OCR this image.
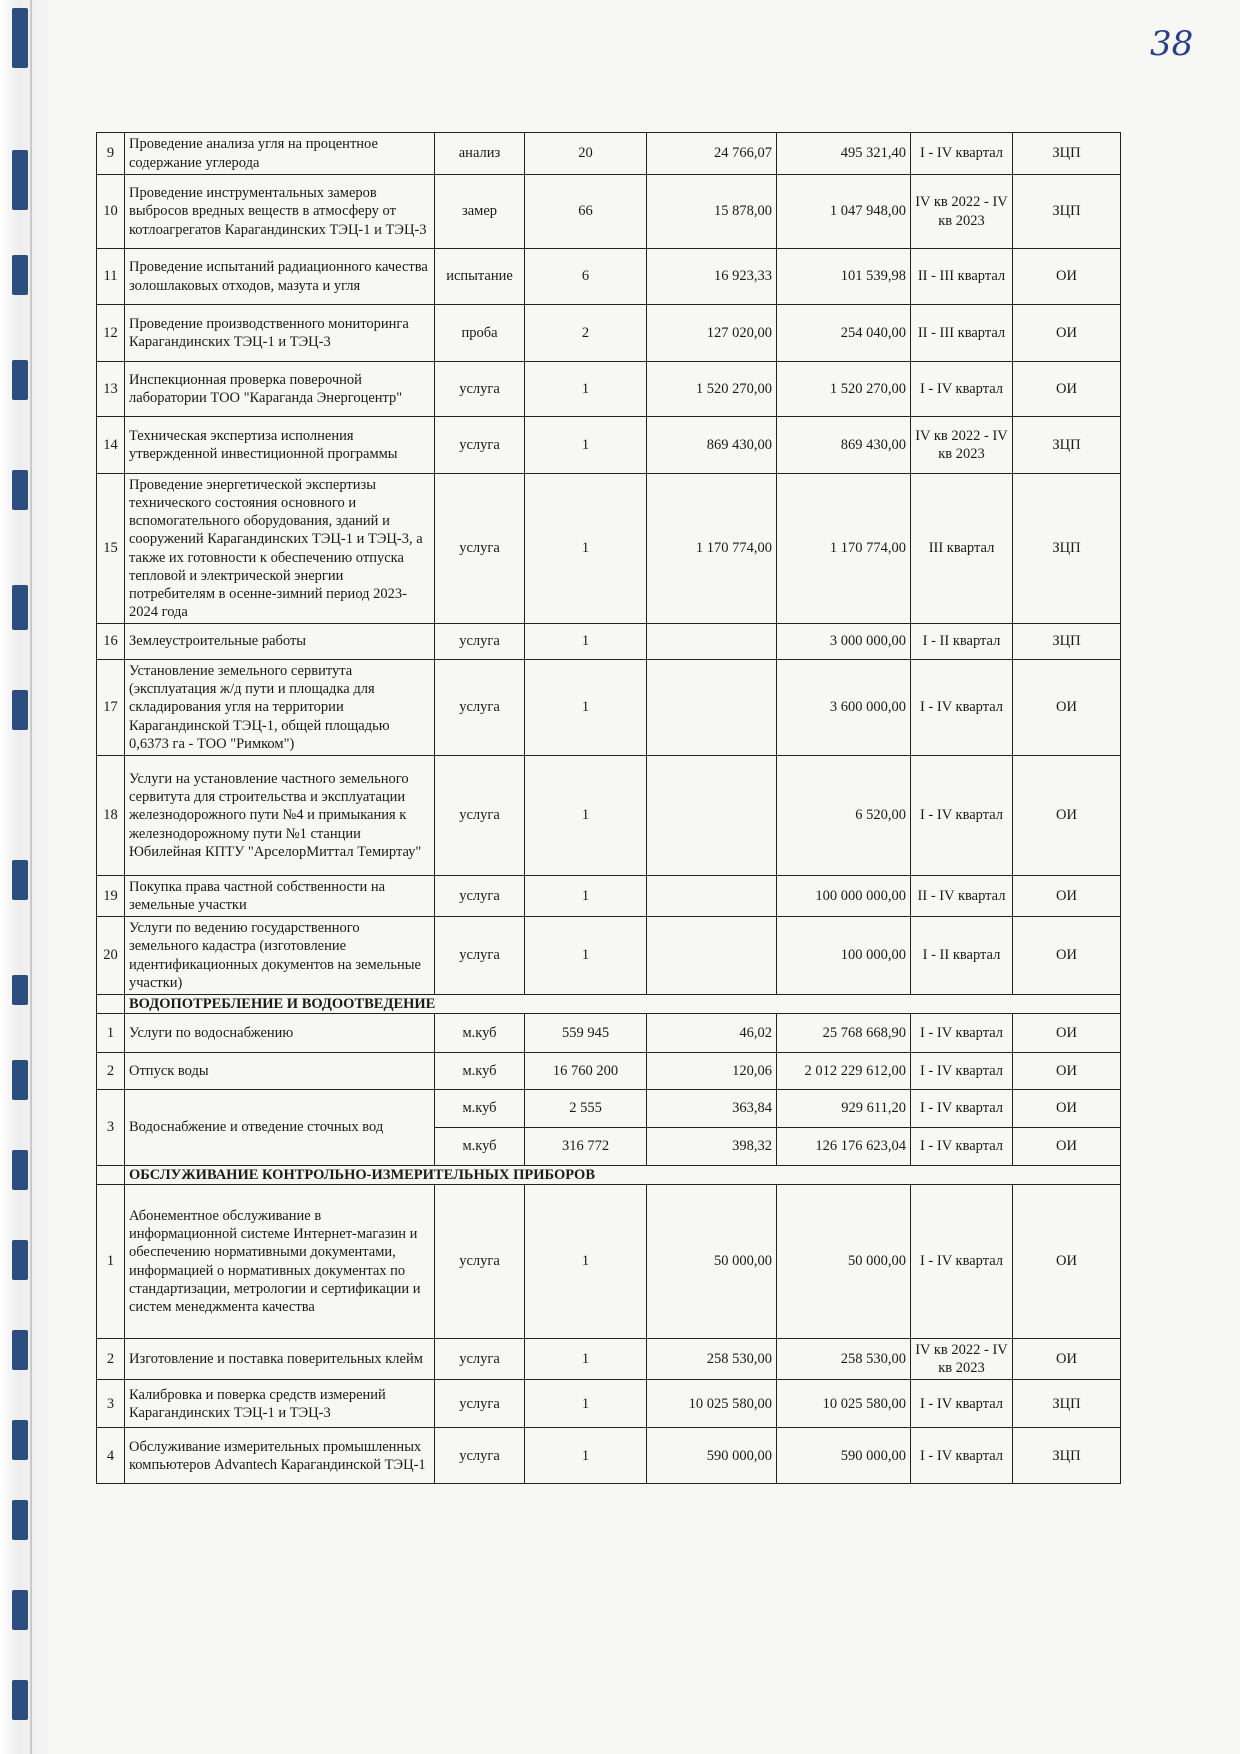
38
9	Проведение анализа угля на процентное содержание углерода	анализ	20	24 766,07	495 321,40	I - IV квартал	ЗЦП
10	Проведение инструментальных замеров выбросов вредных веществ в атмосферу от котлоагрегатов Карагандинских ТЭЦ-1 и ТЭЦ-3	замер	66	15 878,00	1 047 948,00	IV кв 2022 - IV кв 2023	ЗЦП
11	Проведение испытаний радиационного качества золошлаковых отходов, мазута и угля	испытание	6	16 923,33	101 539,98	II - III квартал	ОИ
12	Проведение производственного мониторинга Карагандинских ТЭЦ-1 и ТЭЦ-3	проба	2	127 020,00	254 040,00	II - III квартал	ОИ
13	Инспекционная проверка поверочной лаборатории ТОО "Караганда Энергоцентр"	услуга	1	1 520 270,00	1 520 270,00	I - IV квартал	ОИ
14	Техническая экспертиза исполнения утвержденной инвестиционной программы	услуга	1	869 430,00	869 430,00	IV кв 2022 - IV кв 2023	ЗЦП
15	Проведение энергетической экспертизы технического состояния основного и вспомогательного оборудования, зданий и сооружений Карагандинских ТЭЦ-1 и ТЭЦ-3, а также их готовности к обеспечению отпуска тепловой и электрической энергии потребителям в осенне-зимний период 2023-2024 года	услуга	1	1 170 774,00	1 170 774,00	III квартал	ЗЦП
16	Землеустроительные работы	услуга	1		3 000 000,00	I - II квартал	ЗЦП
17	Установление земельного сервитута (эксплуатация ж/д пути и площадка для складирования угля на территории Карагандинской ТЭЦ-1, общей площадью 0,6373 га - ТОО "Римком")	услуга	1		3 600 000,00	I - IV квартал	ОИ
18	Услуги на установление частного земельного сервитута для строительства и эксплуатации железнодорожного пути №4 и примыкания к железнодорожному пути №1 станции Юбилейная КПТУ "АрселорМиттал Темиртау"	услуга	1		6 520,00	I - IV квартал	ОИ
19	Покупка права частной собственности на земельные участки	услуга	1		100 000 000,00	II - IV квартал	ОИ
20	Услуги по ведению государственного земельного кадастра (изготовление идентификационных документов на земельные участки)	услуга	1		100 000,00	I - II квартал	ОИ
	ВОДОПОТРЕБЛЕНИЕ И ВОДООТВЕДЕНИЕ						
1	Услуги по водоснабжению	м.куб	559 945	46,02	25 768 668,90	I - IV квартал	ОИ
2	Отпуск воды	м.куб	16 760 200	120,06	2 012 229 612,00	I - IV квартал	ОИ
3	Водоснабжение и отведение сточных вод	м.куб	2 555	363,84	929 611,20	I - IV квартал	ОИ
		м.куб	316 772	398,32	126 176 623,04	I - IV квартал	ОИ
	ОБСЛУЖИВАНИЕ КОНТРОЛЬНО-ИЗМЕРИТЕЛЬНЫХ ПРИБОРОВ						
1	Абонементное обслуживание в информационной системе Интернет-магазин и обеспечению нормативными документами, информацией о нормативных документах по стандартизации, метрологии и сертификации и систем менеджмента качества	услуга	1	50 000,00	50 000,00	I - IV квартал	ОИ
2	Изготовление и поставка поверительных клейм	услуга	1	258 530,00	258 530,00	IV кв 2022 - IV кв 2023	ОИ
3	Калибровка и поверка средств измерений Карагандинских ТЭЦ-1 и ТЭЦ-3	услуга	1	10 025 580,00	10 025 580,00	I - IV квартал	ЗЦП
4	Обслуживание измерительных промышленных компьютеров Advantech Карагандинской ТЭЦ-1	услуга	1	590 000,00	590 000,00	I - IV квартал	ЗЦП
